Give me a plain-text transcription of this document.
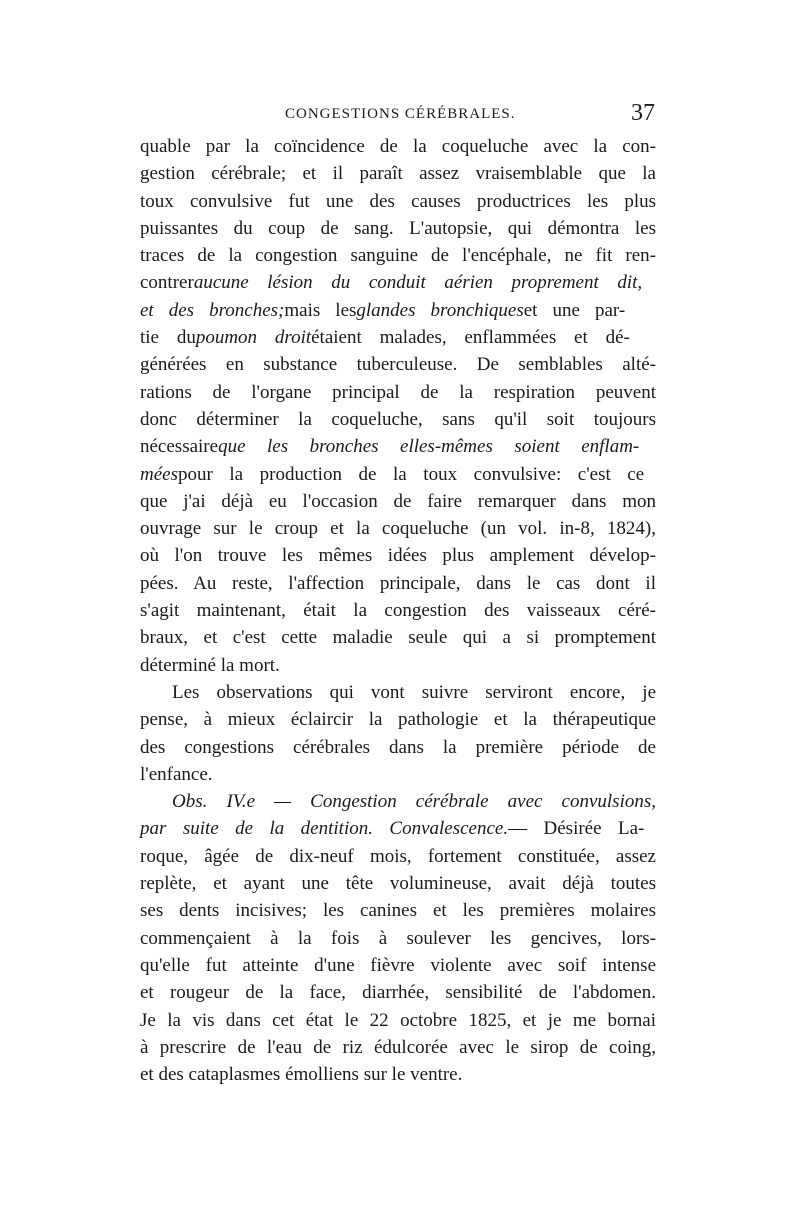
CONGESTIONS CÉRÉBRALES.	37
quable par la coïncidence de la coqueluche avec la con-
gestion cérébrale; et il paraît assez vraisemblable que la
toux convulsive fut une des causes productrices les plus
puissantes du coup de sang. L'autopsie, qui démontra les
traces de la congestion sanguine de l'encéphale, ne fit ren-
contrer aucune lésion du conduit aérien proprement dit,
et des bronches; mais les glandes bronchiques et une par-
tie du poumon droit étaient malades, enflammées et dé-
générées en substance tuberculeuse. De semblables alté-
rations de l'organe principal de la respiration peuvent
donc déterminer la coqueluche, sans qu'il soit toujours
nécessaire que les bronches elles-mêmes soient enflam-
mées pour la production de la toux convulsive: c'est ce
que j'ai déjà eu l'occasion de faire remarquer dans mon
ouvrage sur le croup et la coqueluche (un vol. in-8, 1824),
où l'on trouve les mêmes idées plus amplement dévelop-
pées. Au reste, l'affection principale, dans le cas dont il
s'agit maintenant, était la congestion des vaisseaux céré-
braux, et c'est cette maladie seule qui a si promptement
déterminé la mort.
Les observations qui vont suivre serviront encore, je
pense, à mieux éclaircir la pathologie et la thérapeutique
des congestions cérébrales dans la première période de
l'enfance.
Obs. IV.e — Congestion cérébrale avec convulsions,
par suite de la dentition. Convalescence. — Désirée La-
roque, âgée de dix-neuf mois, fortement constituée, assez
replète, et ayant une tête volumineuse, avait déjà toutes
ses dents incisives; les canines et les premières molaires
commençaient à la fois à soulever les gencives, lors-
qu'elle fut atteinte d'une fièvre violente avec soif intense
et rougeur de la face, diarrhée, sensibilité de l'abdomen.
Je la vis dans cet état le 22 octobre 1825, et je me bornai
à prescrire de l'eau de riz édulcorée avec le sirop de coing,
et des cataplasmes émolliens sur le ventre.
